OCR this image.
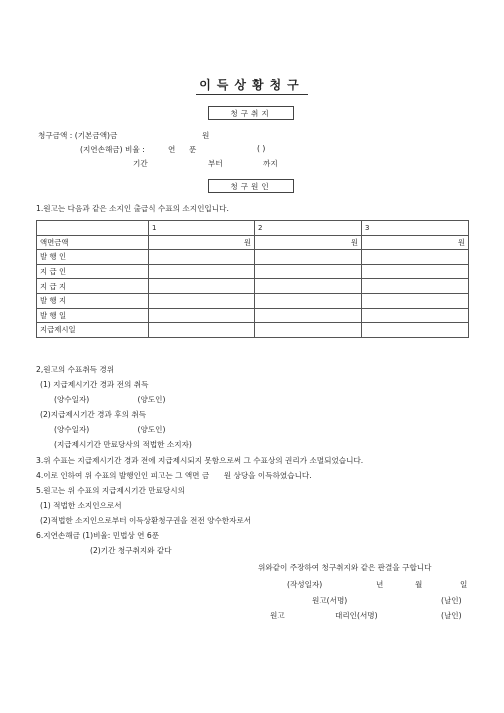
이득상황청구
청구취지
청구금액 : (기본금액)금	원
(지연손해금) 비율 :	연 푼	( )
기간	부터	까지
청구원인
1.원고는 다음과 같은 소지인 출급식 수표의 소지인입니다.
	1	2	3
액면금액	원	원	원
발 행 인			
지 급 인			
지 급 지			
발 행 지			
발 행 일			
지급제시일			
2,원고의 수표취득 경위
(1) 지급제시기간 경과 전의 취득
(양수일자)                    (양도인)
(2)지급제시기간 경과 후의 취득
(양수일자)                    (양도인)
(지급제시기간 만료당사의 적법한 소지자)
3.위 수표는 지급제시기간 경과 전에 지급제시되지 못함으로써 그 수표상의 권리가 소멸되었습니다.
4.이로 인하여 위 수표의 발행인인 피고는 그 액면 금      원 상당을 이득하였습니다.
5.원고는 위 수표의 지급제시기간 만료당시의
(1) 적법한 소지인으로서
(2)적법한 소지인으로부터 이득상환청구권을 전전 양수한자로서
6.지연손해금 (1)비율: 민법상 연 6푼
(2)기간 청구취지와 같다
위와같이 주장하여 청구취지와 같은 판결을 구합니다
(작성일자)	년	월	일
원고(서명)	(날인)
원고	대리인(서명)	(날인)
